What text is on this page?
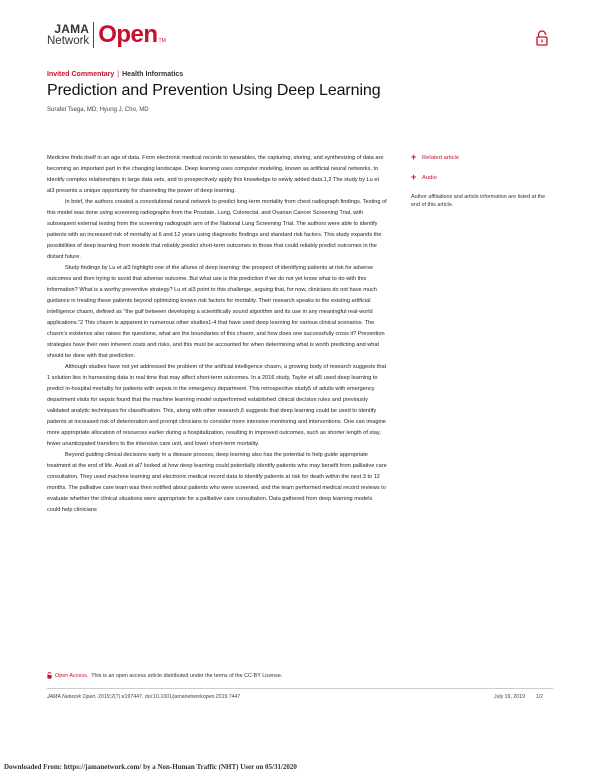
JAMA
Network Open TM
Invited Commentary | Health Informatics
Prediction and Prevention Using Deep Learning
Surafel Tsega, MD; Hyung J. Cho, MD

Medicine finds itself in an age of data. From electronic medical records to wearables, the capturing, storing, and synthesizing of data are becoming an important part in the changing landscape. Deep learning uses computer modeling, known as artificial neural networks, to identify complex relationships in large data sets, and to prospectively apply this knowledge to newly added data.1,2 The study by Lu et al3 presents a unique opportunity for channeling the power of deep learning.

In brief, the authors created a convolutional neural network to predict long-term mortality from chest radiograph findings. Testing of this model was done using screening radiographs from the Prostate, Lung, Colorectal, and Ovarian Cancer Screening Trial, with subsequent external testing from the screening radiograph arm of the National Lung Screening Trial. The authors were able to identify patients with an increased risk of mortality at 6 and 12 years using diagnostic findings and standard risk factors. This study expands the possibilities of deep learning from models that reliably predict short-term outcomes to those that could reliably predict outcomes in the distant future.

Study findings by Lu et al3 highlight one of the allures of deep learning: the prospect of identifying patients at risk for adverse outcomes and then trying to avoid that adverse outcome. But what use is this prediction if we do not yet know what to do with this information? What is a worthy preventive strategy? Lu et al3 point to this challenge, arguing that, for now, clinicians do not have much guidance in treating these patients beyond optimizing known risk factors for mortality. Their research speaks to the existing artificial intelligence chasm, defined as “the gulf between developing a scientifically sound algorithm and its use in any meaningful real-world applications.”2 This chasm is apparent in numerous other studies1-4 that have used deep learning for various clinical scenarios. The chasm’s existence also raises the questions, what are the boundaries of this chasm, and how does one successfully cross it? Prevention strategies have their own inherent costs and risks, and this must be accounted for when determining what is worth predicting and what should be done with that prediction.

Although studies have not yet addressed the problem of the artificial intelligence chasm, a growing body of research suggests that 1 solution lies in harnessing data in real time that may affect short-term outcomes. In a 2016 study, Taylor et al5 used deep learning to predict in-hospital mortality for patients with sepsis in the emergency department. This retrospective study5 of adults with emergency department visits for sepsis found that the machine learning model outperformed established clinical decision rules and previously validated analytic techniques for classification. This, along with other research,6 suggests that deep learning could be used to identify patients at increased risk of deterioration and prompt clinicians to consider more intensive monitoring and interventions. One can imagine more appropriate allocation of resources earlier during a hospitalization, resulting in improved outcomes, such as shorter length of stay, fewer unanticipated transfers to the intensive care unit, and lower short-term mortality.

Beyond guiding clinical decisions early in a disease process, deep learning also has the potential to help guide appropriate treatment at the end of life. Avati et al7 looked at how deep learning could potentially identify patients who may benefit from palliative care consultation. They used machine learning and electronic medical record data to identify patients at risk for death within the next 3 to 12 months. The palliative care team was then notified about patients who were screened, and the team performed medical record reviews to evaluate whether the clinical situations were appropriate for a palliative care consultation. Data gathered from deep learning models could help clinicians

+ Related article
+ Audio
Author affiliations and article information are listed at the end of this article.
Open Access. This is an open access article distributed under the terms of the CC-BY License.
JAMA Network Open. 2019;2(7):e197447. doi:10.1001/jamanetworkopen.2019.7447	July 19, 2019 1/2
Downloaded From: https://jamanetwork.com/ by a Non-Human Traffic (NHT) User on 05/31/2020
